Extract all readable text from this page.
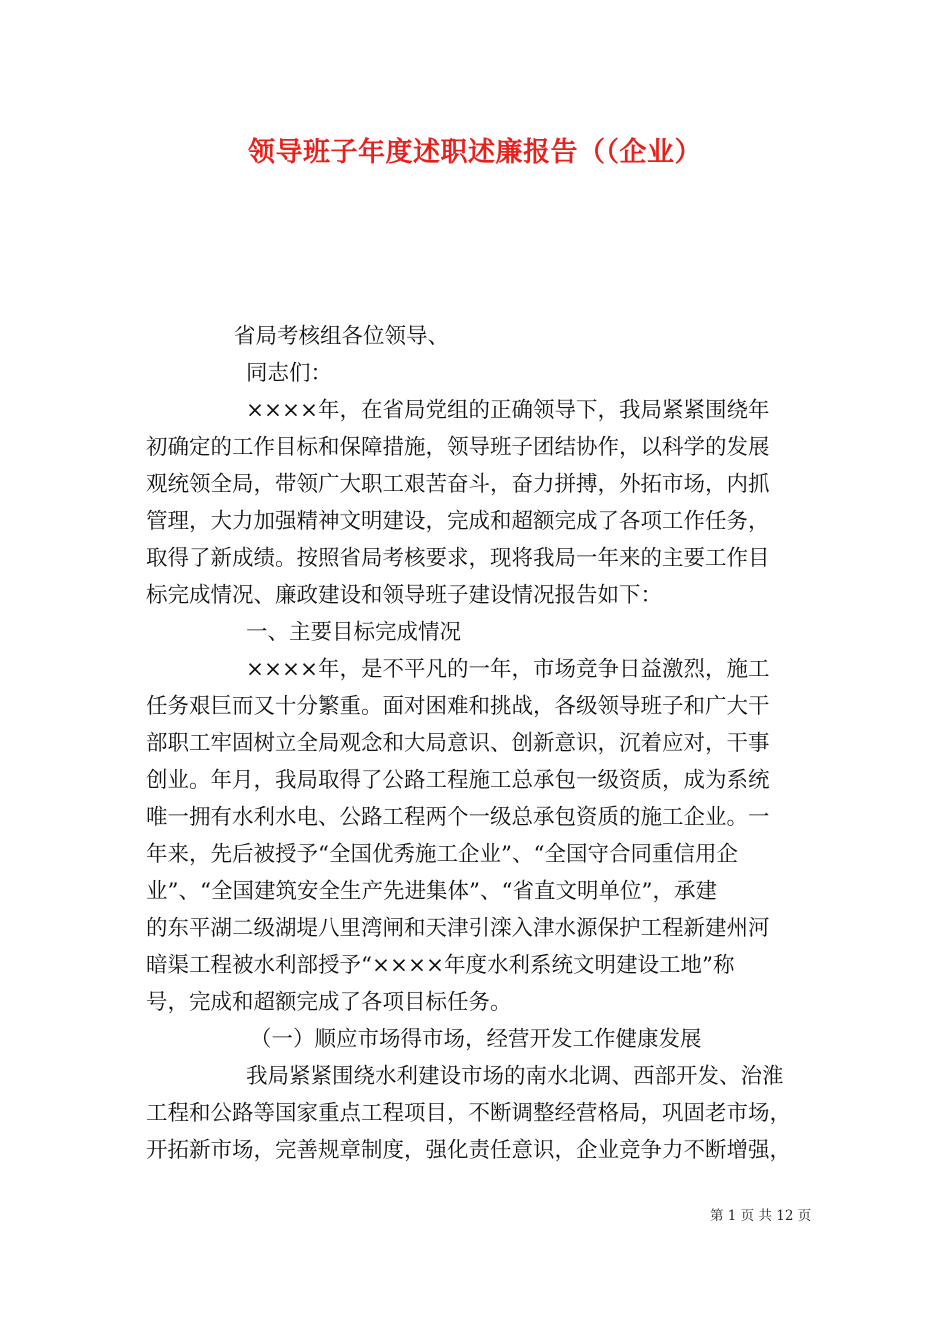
领导班子年度述职述廉报告（（企业）
省局考核组各位领导、
同志们：
××××年，在省局党组的正确领导下，我局紧紧围绕年
初确定的工作目标和保障措施，领导班子团结协作，以科学的发展
观统领全局，带领广大职工艰苦奋斗，奋力拼搏，外拓市场，内抓
管理，大力加强精神文明建设，完成和超额完成了各项工作任务，
取得了新成绩。按照省局考核要求，现将我局一年来的主要工作目
标完成情况、廉政建设和领导班子建设情况报告如下：
一、主要目标完成情况
××××年，是不平凡的一年，市场竞争日益激烈，施工
任务艰巨而又十分繁重。面对困难和挑战，各级领导班子和广大干
部职工牢固树立全局观念和大局意识、创新意识，沉着应对，干事
创业。年月，我局取得了公路工程施工总承包一级资质，成为系统
唯一拥有水利水电、公路工程两个一级总承包资质的施工企业。一
年来，先后被授予“全国优秀施工企业”、“全国守合同重信用企
业”、“全国建筑安全生产先进集体”、“省直文明单位”，承建
的东平湖二级湖堤八里湾闸和天津引滦入津水源保护工程新建州河
暗渠工程被水利部授予“××××年度水利系统文明建设工地”称
号，完成和超额完成了各项目标任务。
（一）顺应市场得市场，经营开发工作健康发展
我局紧紧围绕水利建设市场的南水北调、西部开发、治淮
工程和公路等国家重点工程项目，不断调整经营格局，巩固老市场，
开拓新市场，完善规章制度，强化责任意识，企业竞争力不断增强，
第 1 页 共 12 页
